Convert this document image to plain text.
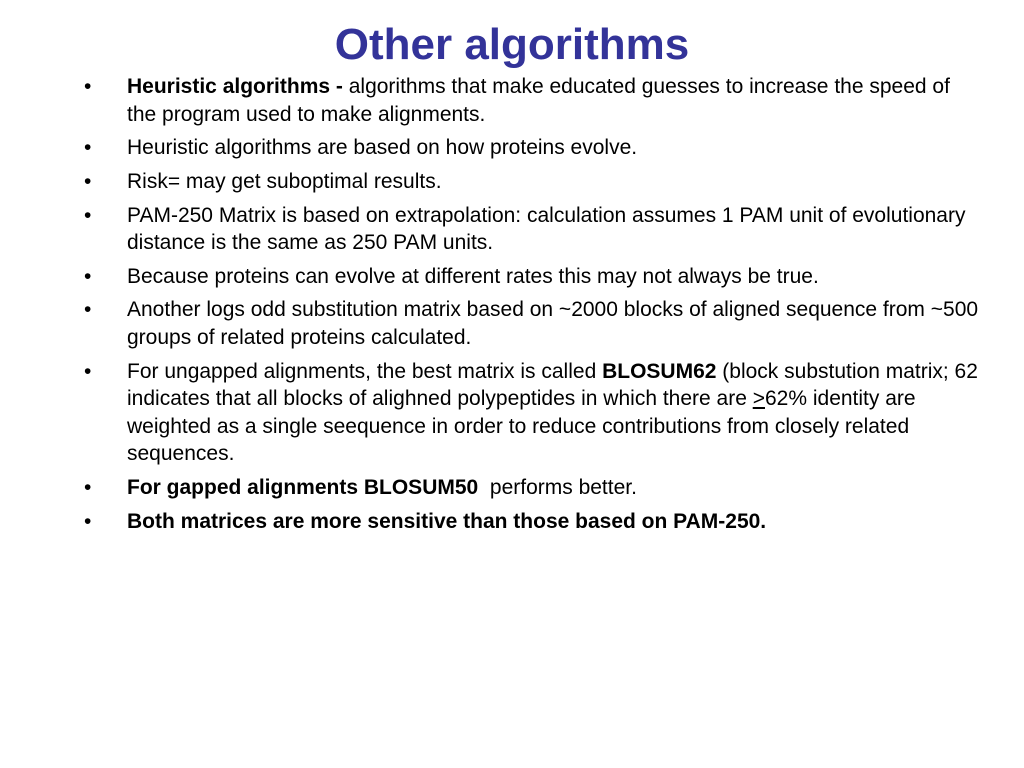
Other algorithms
•	Heuristic algorithms - algorithms that make educated guesses to increase the speed of the program used to make alignments.
•	Heuristic algorithms are based on how proteins evolve.
•	Risk= may get suboptimal results.
•	PAM-250 Matrix is based on extrapolation: calculation assumes 1 PAM unit of evolutionary distance is the same as 250 PAM units.
•	Because proteins can evolve at different rates this may not always be true.
•	Another logs odd substitution matrix based on ~2000 blocks of aligned sequence from ~500 groups of related proteins calculated.
•	For ungapped alignments, the best matrix is called BLOSUM62 (block substution matrix; 62 indicates that all blocks of alighned polypeptides in which there are >62% identity are weighted as a single seequence in order to reduce contributions from closely related sequences.
•	For gapped alignments BLOSUM50  performs better.
•	Both matrices are more sensitive than those based on PAM-250.
